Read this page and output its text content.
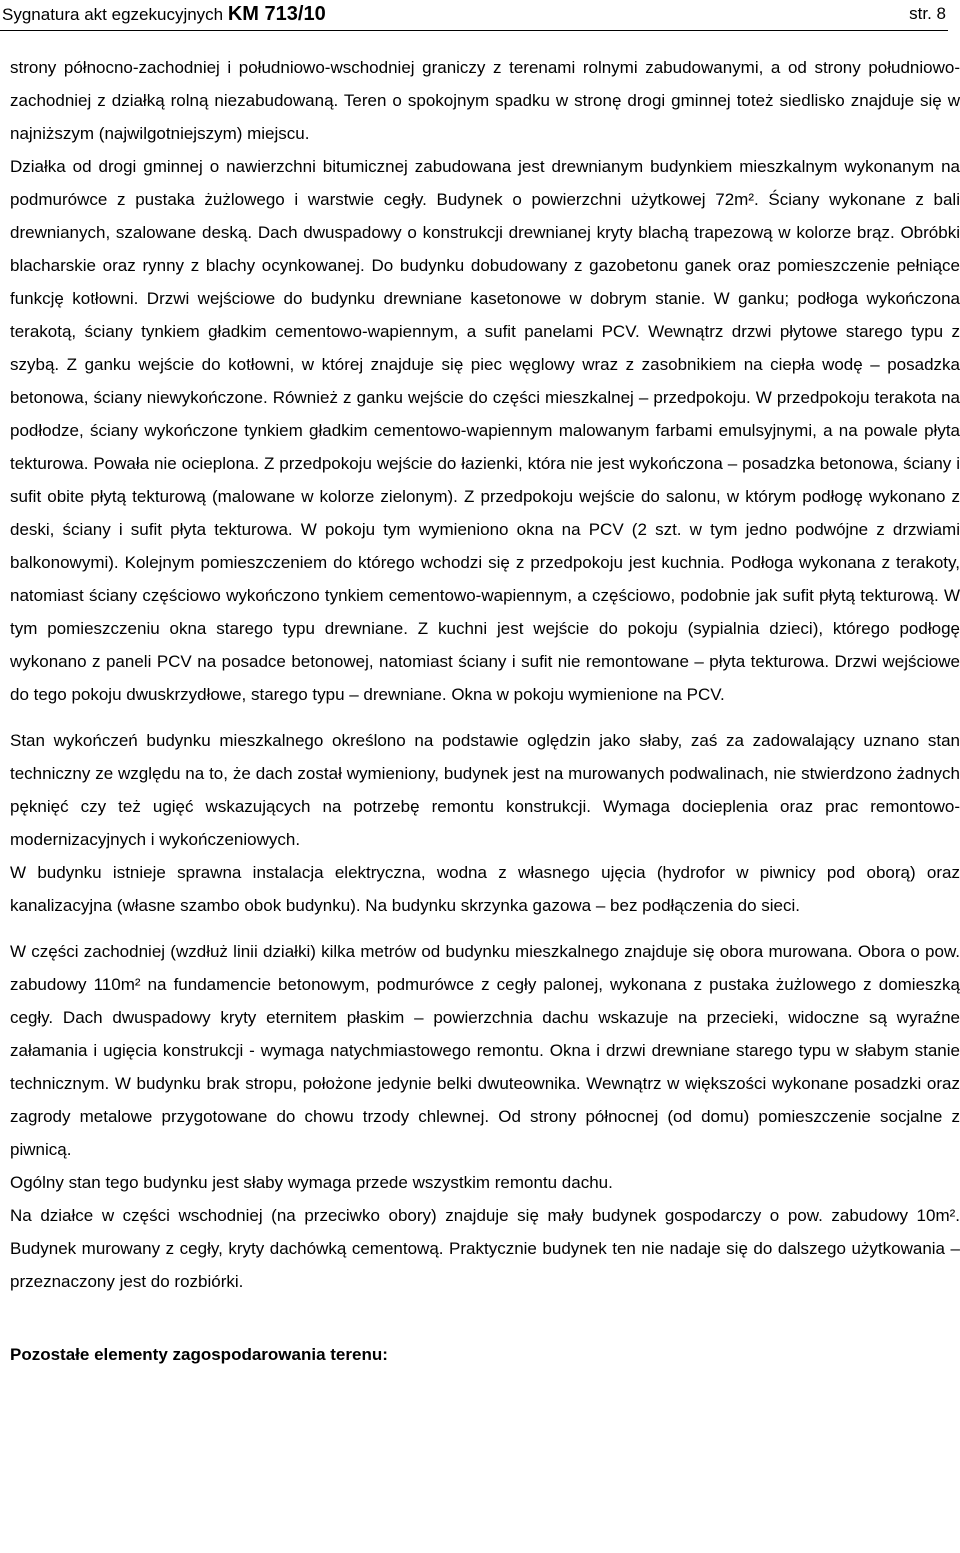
Sygnatura akt egzekucyjnych KM 713/10	str. 8

strony północno-zachodniej i południowo-wschodniej graniczy z terenami rolnymi zabudowanymi, a od strony południowo-zachodniej z działką rolną niezabudowaną. Teren o spokojnym spadku w stronę drogi gminnej toteż siedlisko znajduje się w najniższym (najwilgotniejszym) miejscu.

Działka od drogi gminnej o nawierzchni bitumicznej zabudowana jest drewnianym budynkiem mieszkalnym wykonanym na podmurówce z pustaka żużlowego i warstwie cegły. Budynek o powierzchni użytkowej 72m². Ściany wykonane z bali drewnianych, szalowane deską. Dach dwuspadowy o konstrukcji drewnianej kryty blachą trapezową w kolorze brąz. Obróbki blacharskie oraz rynny z blachy ocynkowanej. Do budynku dobudowany z gazobetonu ganek oraz pomieszczenie pełniące funkcję kotłowni. Drzwi wejściowe do budynku drewniane kasetonowe w dobrym stanie. W ganku; podłoga wykończona terakotą, ściany tynkiem gładkim cementowo-wapiennym, a sufit panelami PCV. Wewnątrz drzwi płytowe starego typu z szybą. Z ganku wejście do kotłowni, w której znajduje się piec węglowy wraz z zasobnikiem na ciepła wodę – posadzka betonowa, ściany niewykończone. Również z ganku wejście do części mieszkalnej – przedpokoju. W przedpokoju terakota na podłodze, ściany wykończone tynkiem gładkim cementowo-wapiennym malowanym farbami emulsyjnymi, a na powale płyta tekturowa. Powała nie ocieplona. Z przedpokoju wejście do łazienki, która nie jest wykończona – posadzka betonowa, ściany i sufit obite płytą tekturową (malowane w kolorze zielonym). Z przedpokoju wejście do salonu, w którym podłogę wykonano z deski, ściany i sufit płyta tekturowa. W pokoju tym wymieniono okna na PCV (2 szt. w tym jedno podwójne z drzwiami balkonowymi). Kolejnym pomieszczeniem do którego wchodzi się z przedpokoju jest kuchnia. Podłoga wykonana z terakoty, natomiast ściany częściowo wykończono tynkiem cementowo-wapiennym, a częściowo, podobnie jak sufit płytą tekturową. W tym pomieszczeniu okna starego typu drewniane. Z kuchni jest wejście do pokoju (sypialnia dzieci), którego podłogę wykonano z paneli PCV na posadce betonowej, natomiast ściany i sufit nie remontowane – płyta tekturowa. Drzwi wejściowe do tego pokoju dwuskrzydłowe, starego typu – drewniane. Okna w pokoju wymienione na PCV.

Stan wykończeń budynku mieszkalnego określono na podstawie oględzin jako słaby, zaś za zadowalający uznano stan techniczny ze względu na to, że dach został wymieniony, budynek jest na murowanych podwalinach, nie stwierdzono żadnych pęknięć czy też ugięć wskazujących na potrzebę remontu konstrukcji. Wymaga docieplenia oraz prac remontowo-modernizacyjnych i wykończeniowych.

W budynku istnieje sprawna instalacja elektryczna, wodna z własnego ujęcia (hydrofor w piwnicy pod oborą) oraz kanalizacyjna (własne szambo obok budynku). Na budynku skrzynka gazowa – bez podłączenia do sieci.

W części zachodniej (wzdłuż linii działki) kilka metrów od budynku mieszkalnego znajduje się obora murowana. Obora o pow. zabudowy 110m² na fundamencie betonowym, podmurówce z cegły palonej, wykonana z pustaka żużlowego z domieszką cegły. Dach dwuspadowy kryty eternitem płaskim – powierzchnia dachu wskazuje na przecieki, widoczne są wyraźne załamania i ugięcia konstrukcji - wymaga natychmiastowego remontu. Okna i drzwi drewniane starego typu w słabym stanie technicznym. W budynku brak stropu, położone jedynie belki dwuteownika. Wewnątrz w większości wykonane posadzki oraz zagrody metalowe przygotowane do chowu trzody chlewnej. Od strony północnej (od domu) pomieszczenie socjalne z piwnicą.

Ogólny stan tego budynku jest słaby wymaga przede wszystkim remontu dachu.

Na działce w części wschodniej (na przeciwko obory) znajduje się mały budynek gospodarczy o pow. zabudowy 10m². Budynek murowany z cegły, kryty dachówką cementową. Praktycznie budynek ten nie nadaje się do dalszego użytkowania – przeznaczony jest do rozbiórki.

Pozostałe elementy zagospodarowania terenu:
